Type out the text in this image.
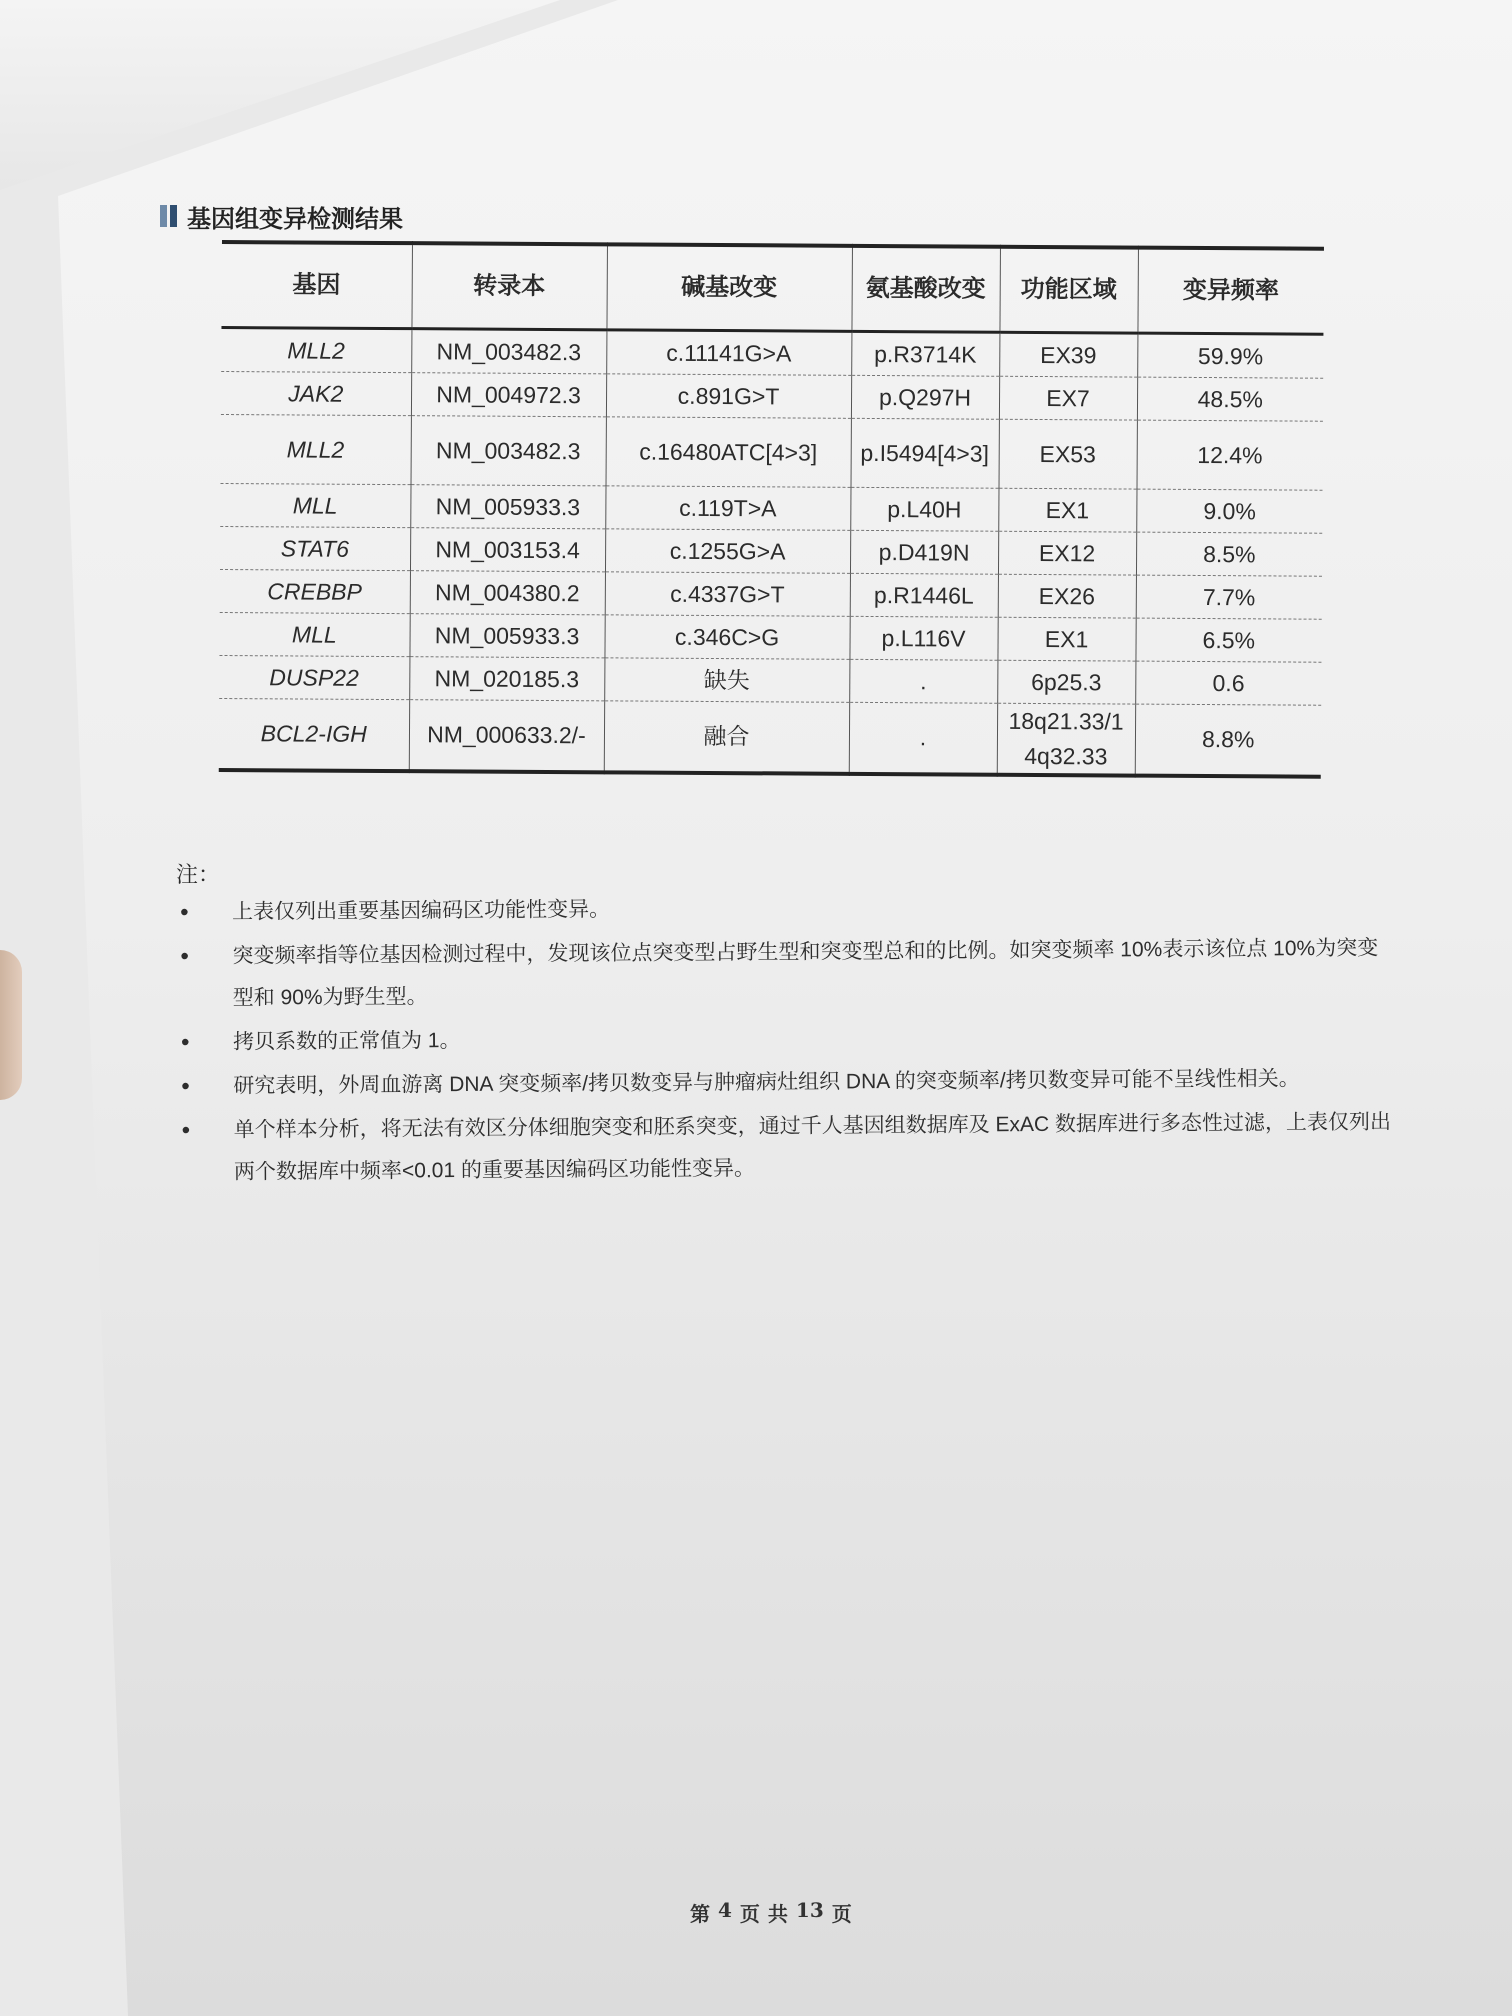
基因组变异检测结果
基因	转录本	碱基改变	氨基酸改变	功能区域	变异频率
MLL2	NM_003482.3	c.11141G>A	p.R3714K	EX39	59.9%
JAK2	NM_004972.3	c.891G>T	p.Q297H	EX7	48.5%
MLL2	NM_003482.3	c.16480ATC[4>3]	p.I5494[4>3]	EX53	12.4%
MLL	NM_005933.3	c.119T>A	p.L40H	EX1	9.0%
STAT6	NM_003153.4	c.1255G>A	p.D419N	EX12	8.5%
CREBBP	NM_004380.2	c.4337G>T	p.R1446L	EX26	7.7%
MLL	NM_005933.3	c.346C>G	p.L116V	EX1	6.5%
DUSP22	NM_020185.3	缺失	.	6p25.3	0.6
BCL2-IGH	NM_000633.2/-	融合	.	18q21.33/14q32.33	8.8%
注：
• 上表仅列出重要基因编码区功能性变异。
• 突变频率指等位基因检测过程中，发现该位点突变型占野生型和突变型总和的比例。如突变频率 10%表示该位点 10%为突变型和 90%为野生型。
• 拷贝系数的正常值为 1。
• 研究表明，外周血游离 DNA 突变频率/拷贝数变异与肿瘤病灶组织 DNA 的突变频率/拷贝数变异可能不呈线性相关。
• 单个样本分析，将无法有效区分体细胞突变和胚系突变，通过千人基因组数据库及 ExAC 数据库进行多态性过滤，上表仅列出两个数据库中频率<0.01 的重要基因编码区功能性变异。
第 4 页 共 13 页
